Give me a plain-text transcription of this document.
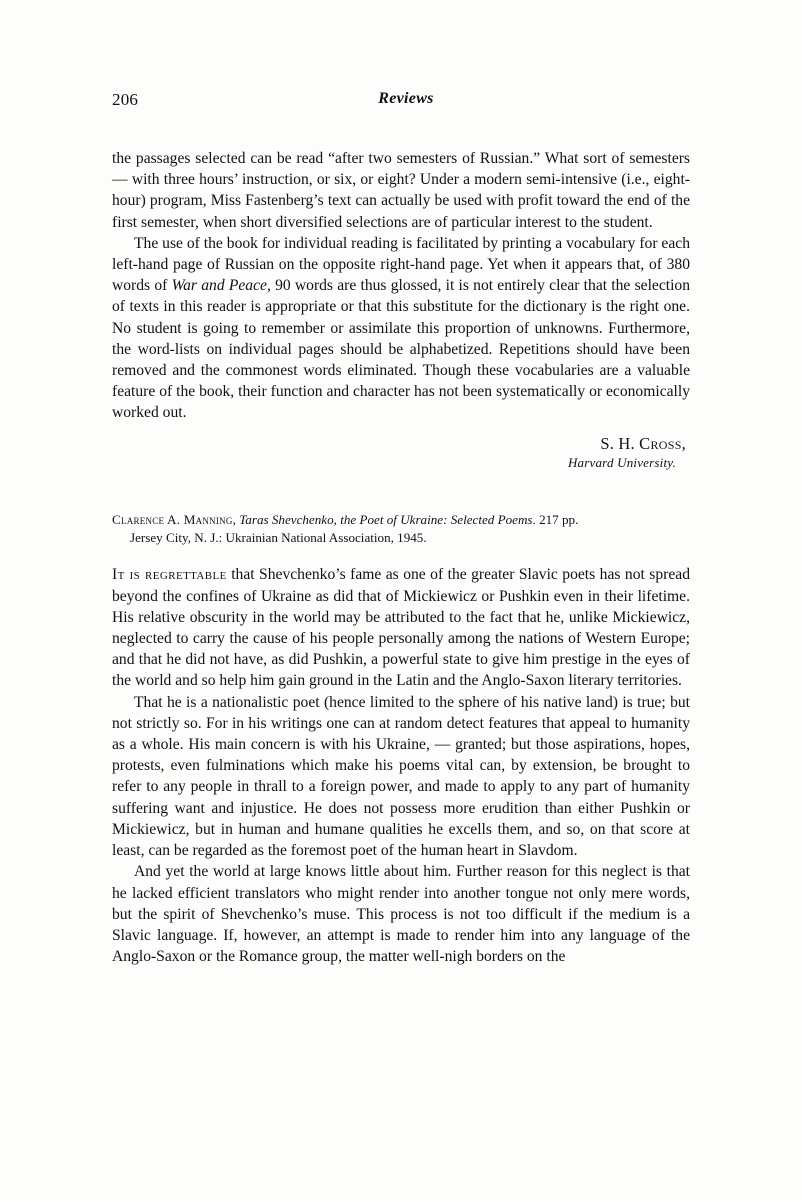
206	Reviews

the passages selected can be read “after two semesters of Russian.” What sort of semesters — with three hours’ instruction, or six, or eight? Under a modern semi-intensive (i.e., eight-hour) program, Miss Fastenberg’s text can actually be used with profit toward the end of the first semester, when short diversified selections are of particular interest to the student.

The use of the book for individual reading is facilitated by printing a vocabulary for each left-hand page of Russian on the opposite right-hand page. Yet when it appears that, of 380 words of War and Peace, 90 words are thus glossed, it is not entirely clear that the selection of texts in this reader is appropriate or that this substitute for the dictionary is the right one. No student is going to remember or assimilate this proportion of unknowns. Furthermore, the word-lists on individual pages should be alphabetized. Repetitions should have been removed and the commonest words eliminated. Though these vocabularies are a valuable feature of the book, their function and character has not been systematically or economically worked out.

S. H. Cross,
Harvard University.
Clarence A. Manning, Taras Shevchenko, the Poet of Ukraine: Selected Poems. 217 pp.
Jersey City, N. J.: Ukrainian National Association, 1945.

It is regrettable that Shevchenko’s fame as one of the greater Slavic poets has not spread beyond the confines of Ukraine as did that of Mickiewicz or Pushkin even in their lifetime. His relative obscurity in the world may be attributed to the fact that he, unlike Mickiewicz, neglected to carry the cause of his people personally among the nations of Western Europe; and that he did not have, as did Pushkin, a powerful state to give him prestige in the eyes of the world and so help him gain ground in the Latin and the Anglo-Saxon literary territories.

That he is a nationalistic poet (hence limited to the sphere of his native land) is true; but not strictly so. For in his writings one can at random detect features that appeal to humanity as a whole. His main concern is with his Ukraine, — granted; but those aspirations, hopes, protests, even fulminations which make his poems vital can, by extension, be brought to refer to any people in thrall to a foreign power, and made to apply to any part of humanity suffering want and injustice. He does not possess more erudition than either Pushkin or Mickiewicz, but in human and humane qualities he excells them, and so, on that score at least, can be regarded as the foremost poet of the human heart in Slavdom.

And yet the world at large knows little about him. Further reason for this neglect is that he lacked efficient translators who might render into another tongue not only mere words, but the spirit of Shevchenko’s muse. This process is not too difficult if the medium is a Slavic language. If, however, an attempt is made to render him into any language of the Anglo-Saxon or the Romance group, the matter well-nigh borders on the
